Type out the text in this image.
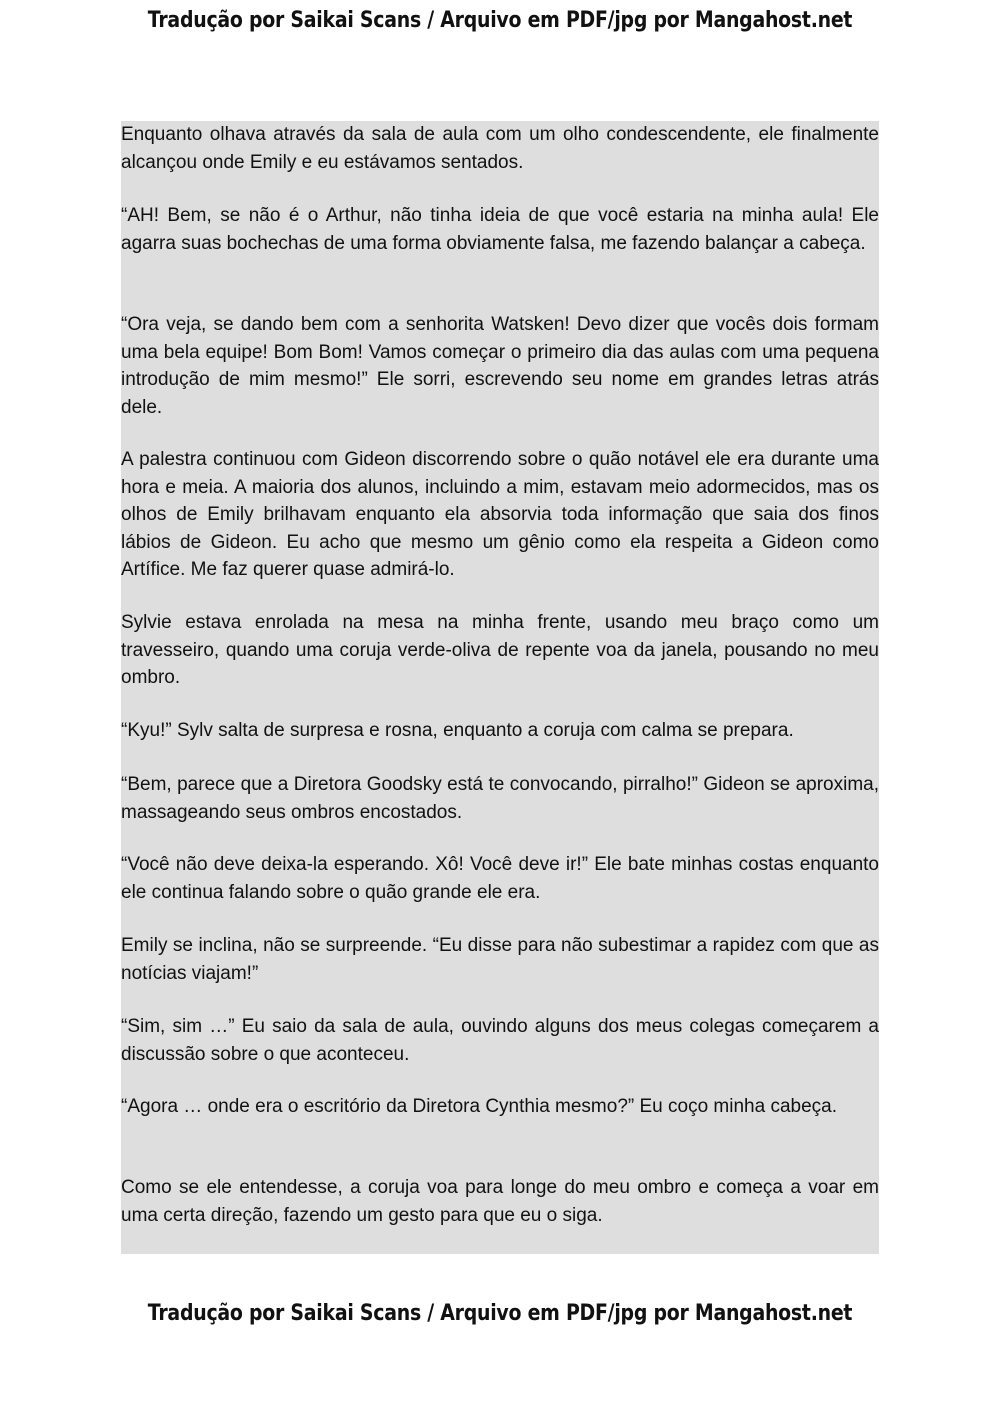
Tradução por Saikai Scans / Arquivo em PDF/jpg por Mangahost.net

Enquanto olhava através da sala de aula com um olho condescendente, ele finalmente alcançou onde Emily e eu estávamos sentados.

“AH! Bem, se não é o Arthur, não tinha ideia de que você estaria na minha aula! Ele agarra suas bochechas de uma forma obviamente falsa, me fazendo balançar a cabeça.

“Ora veja, se dando bem com a senhorita Watsken! Devo dizer que vocês dois formam uma bela equipe! Bom Bom! Vamos começar o primeiro dia das aulas com uma pequena introdução de mim mesmo!” Ele sorri, escrevendo seu nome em grandes letras atrás dele.

A palestra continuou com Gideon discorrendo sobre o quão notável ele era durante uma hora e meia. A maioria dos alunos, incluindo a mim, estavam meio adormecidos, mas os olhos de Emily brilhavam enquanto ela absorvia toda informação que saia dos finos lábios de Gideon. Eu acho que mesmo um gênio como ela respeita a Gideon como Artífice. Me faz querer quase admirá-lo.

Sylvie estava enrolada na mesa na minha frente, usando meu braço como um travesseiro, quando uma coruja verde-oliva de repente voa da janela, pousando no meu ombro.

“Kyu!” Sylv salta de surpresa e rosna, enquanto a coruja com calma se prepara.

“Bem, parece que a Diretora Goodsky está te convocando, pirralho!” Gideon se aproxima, massageando seus ombros encostados.

“Você não deve deixa-la esperando. Xô! Você deve ir!” Ele bate minhas costas enquanto ele continua falando sobre o quão grande ele era.

Emily se inclina, não se surpreende. “Eu disse para não subestimar a rapidez com que as notícias viajam!”

“Sim, sim …” Eu saio da sala de aula, ouvindo alguns dos meus colegas começarem a discussão sobre o que aconteceu.

“Agora … onde era o escritório da Diretora Cynthia mesmo?” Eu coço minha cabeça.

Como se ele entendesse, a coruja voa para longe do meu ombro e começa a voar em uma certa direção, fazendo um gesto para que eu o siga.

Tradução por Saikai Scans / Arquivo em PDF/jpg por Mangahost.net
